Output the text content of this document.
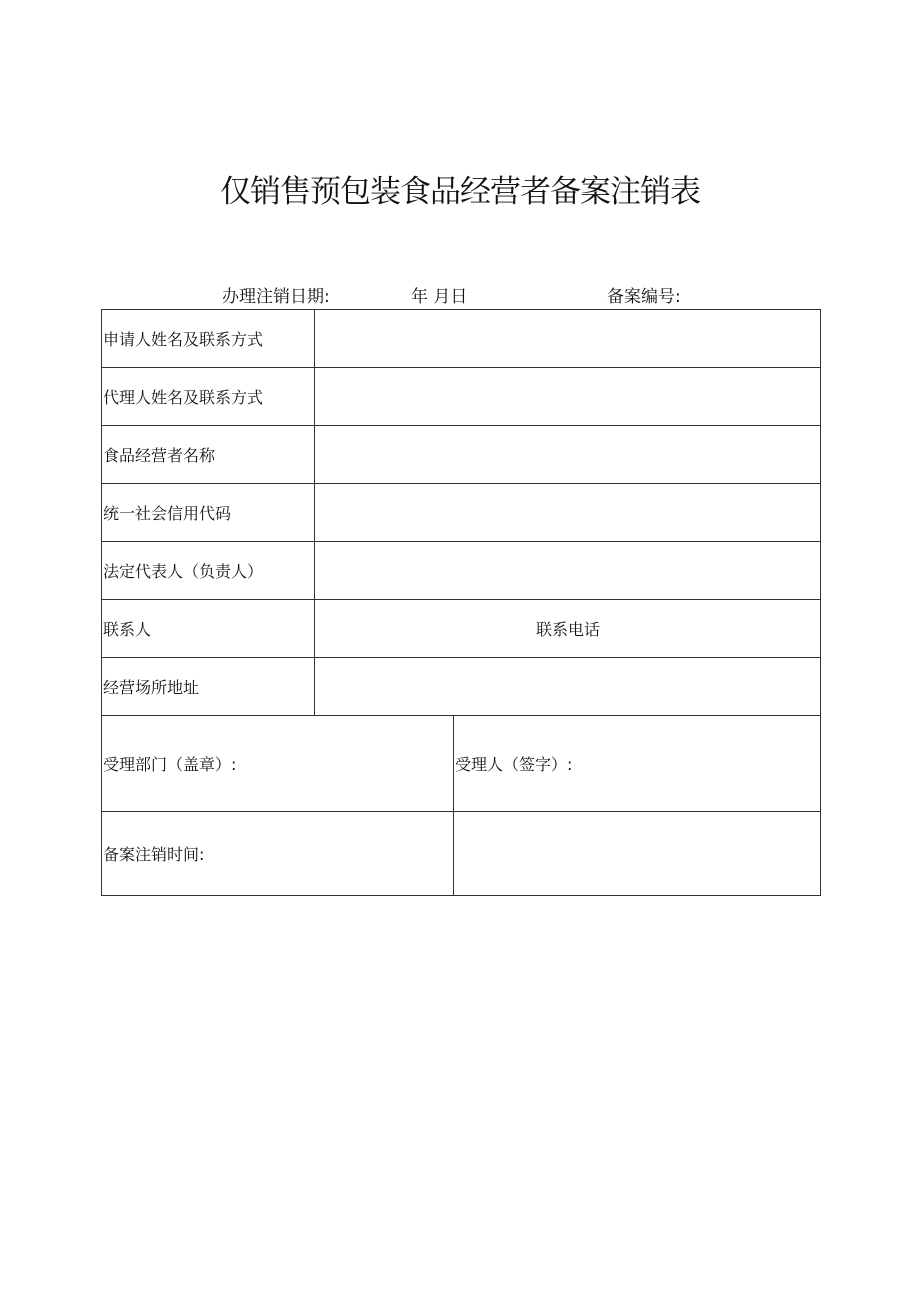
仅销售预包装食品经营者备案注销表
办理注销日期:	年 月日	备案编号:
申请人姓名及联系方式		
代理人姓名及联系方式		
食品经营者名称		
统一社会信用代码		
法定代表人（负责人）		
联系人	联系电话	
经营场所地址		
受理部门（盖章）:		受理人（签字）:
备案注销时间:		
